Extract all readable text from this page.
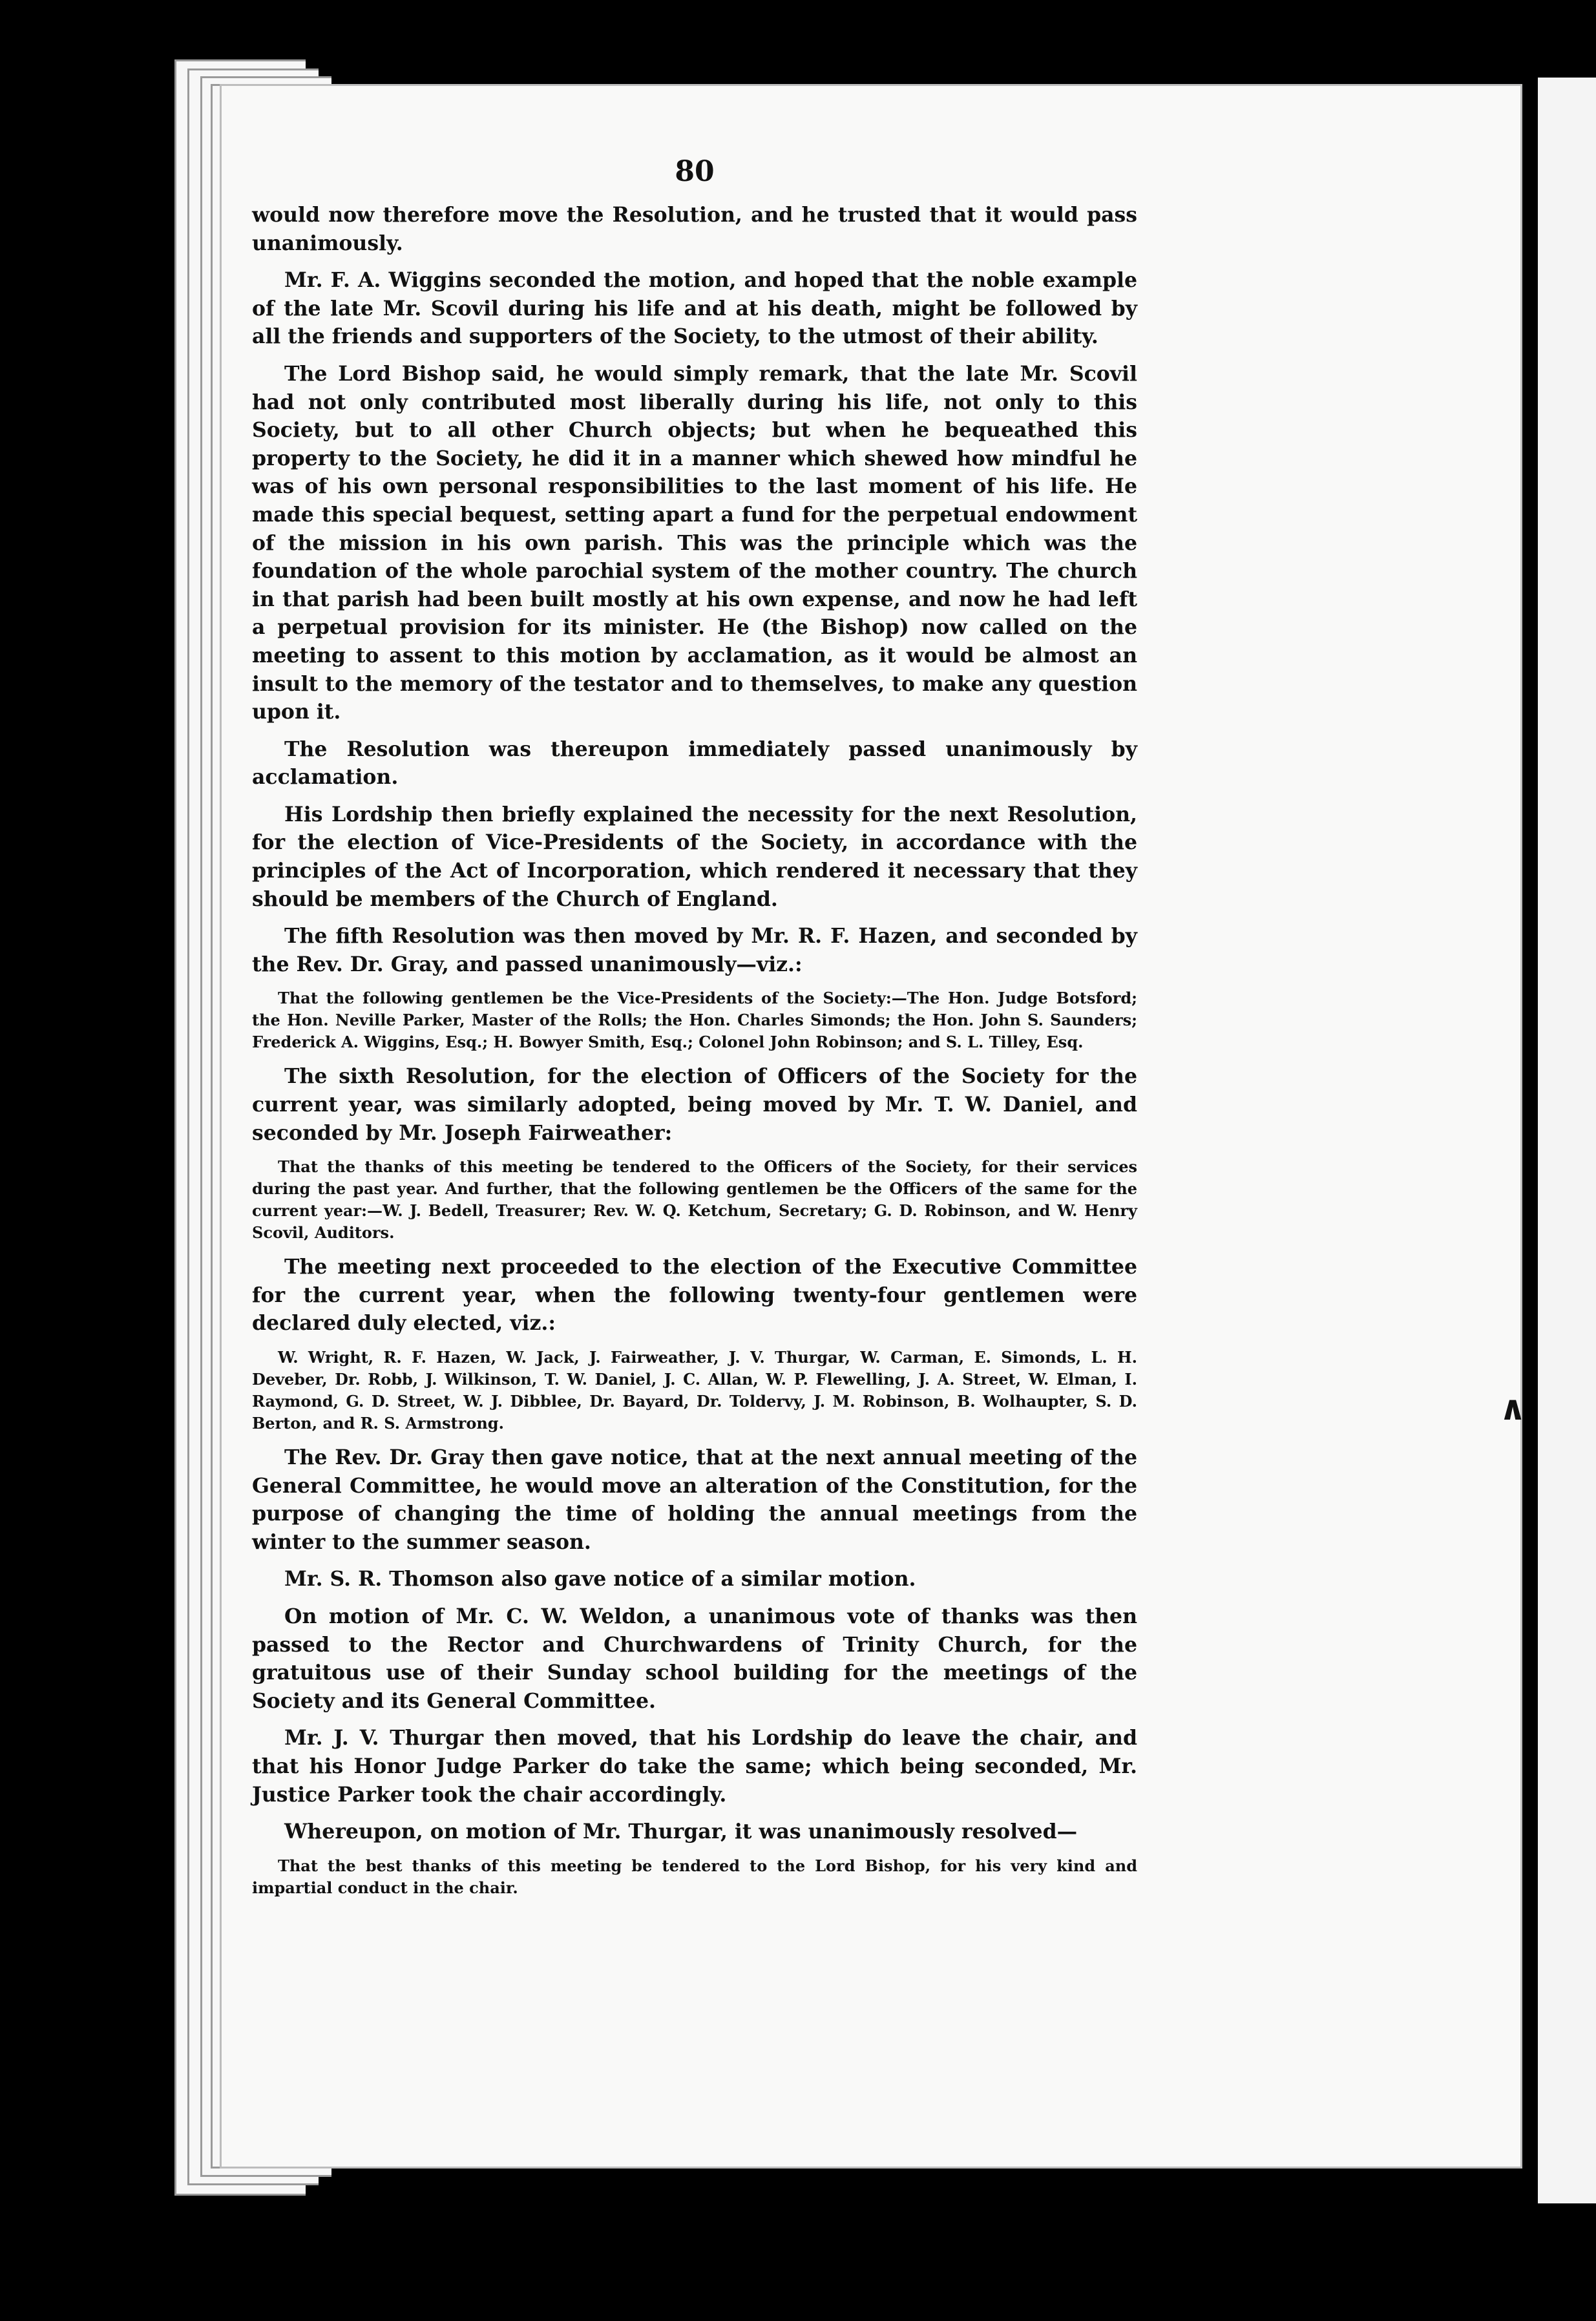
80

would now therefore move the Resolution, and he trusted that it would pass unanimously.

Mr. F. A. Wiggins seconded the motion, and hoped that the noble example of the late Mr. Scovil during his life and at his death, might be followed by all the friends and supporters of the Society, to the utmost of their ability.

The Lord Bishop said, he would simply remark, that the late Mr. Scovil had not only contributed most liberally during his life, not only to this Society, but to all other Church objects; but when he bequeathed this property to the Society, he did it in a manner which shewed how mindful he was of his own personal responsibilities to the last moment of his life. He made this special bequest, setting apart a fund for the perpetual endowment of the mission in his own parish. This was the principle which was the foundation of the whole parochial system of the mother country. The church in that parish had been built mostly at his own expense, and now he had left a perpetual provision for its minister. He (the Bishop) now called on the meeting to assent to this motion by acclamation, as it would be almost an insult to the memory of the testator and to themselves, to make any question upon it.

The Resolution was thereupon immediately passed unanimously by acclamation.

His Lordship then briefly explained the necessity for the next Resolution, for the election of Vice-Presidents of the Society, in accordance with the principles of the Act of Incorporation, which rendered it necessary that they should be members of the Church of England.

The fifth Resolution was then moved by Mr. R. F. Hazen, and seconded by the Rev. Dr. Gray, and passed unanimously—viz.:

That the following gentlemen be the Vice-Presidents of the Society:—The Hon. Judge Botsford; the Hon. Neville Parker, Master of the Rolls; the Hon. Charles Simonds; the Hon. John S. Saunders; Frederick A. Wiggins, Esq.; H. Bowyer Smith, Esq.; Colonel John Robinson; and S. L. Tilley, Esq.

The sixth Resolution, for the election of Officers of the Society for the current year, was similarly adopted, being moved by Mr. T. W. Daniel, and seconded by Mr. Joseph Fairweather:

That the thanks of this meeting be tendered to the Officers of the Society, for their services during the past year. And further, that the following gentlemen be the Officers of the same for the current year:—W. J. Bedell, Treasurer; Rev. W. Q. Ketchum, Secretary; G. D. Robinson, and W. Henry Scovil, Auditors.

The meeting next proceeded to the election of the Executive Committee for the current year, when the following twenty-four gentlemen were declared duly elected, viz.:

W. Wright, R. F. Hazen, W. Jack, J. Fairweather, J. V. Thurgar, W. Carman, E. Simonds, L. H. Deveber, Dr. Robb, J. Wilkinson, T. W. Daniel, J. C. Allan, W. P. Flewelling, J. A. Street, W. Elman, I. Raymond, G. D. Street, W. J. Dibblee, Dr. Bayard, Dr. Toldervy, J. M. Robinson, B. Wolhaupter, S. D. Berton, and R. S. Armstrong.

The Rev. Dr. Gray then gave notice, that at the next annual meeting of the General Committee, he would move an alteration of the Constitution, for the purpose of changing the time of holding the annual meetings from the winter to the summer season.

Mr. S. R. Thomson also gave notice of a similar motion.

On motion of Mr. C. W. Weldon, a unanimous vote of thanks was then passed to the Rector and Churchwardens of Trinity Church, for the gratuitous use of their Sunday school building for the meetings of the Society and its General Committee.

Mr. J. V. Thurgar then moved, that his Lordship do leave the chair, and that his Honor Judge Parker do take the same; which being seconded, Mr. Justice Parker took the chair accordingly.

Whereupon, on motion of Mr. Thurgar, it was unanimously resolved—

That the best thanks of this meeting be tendered to the Lord Bishop, for his very kind and impartial conduct in the chair.

∧
